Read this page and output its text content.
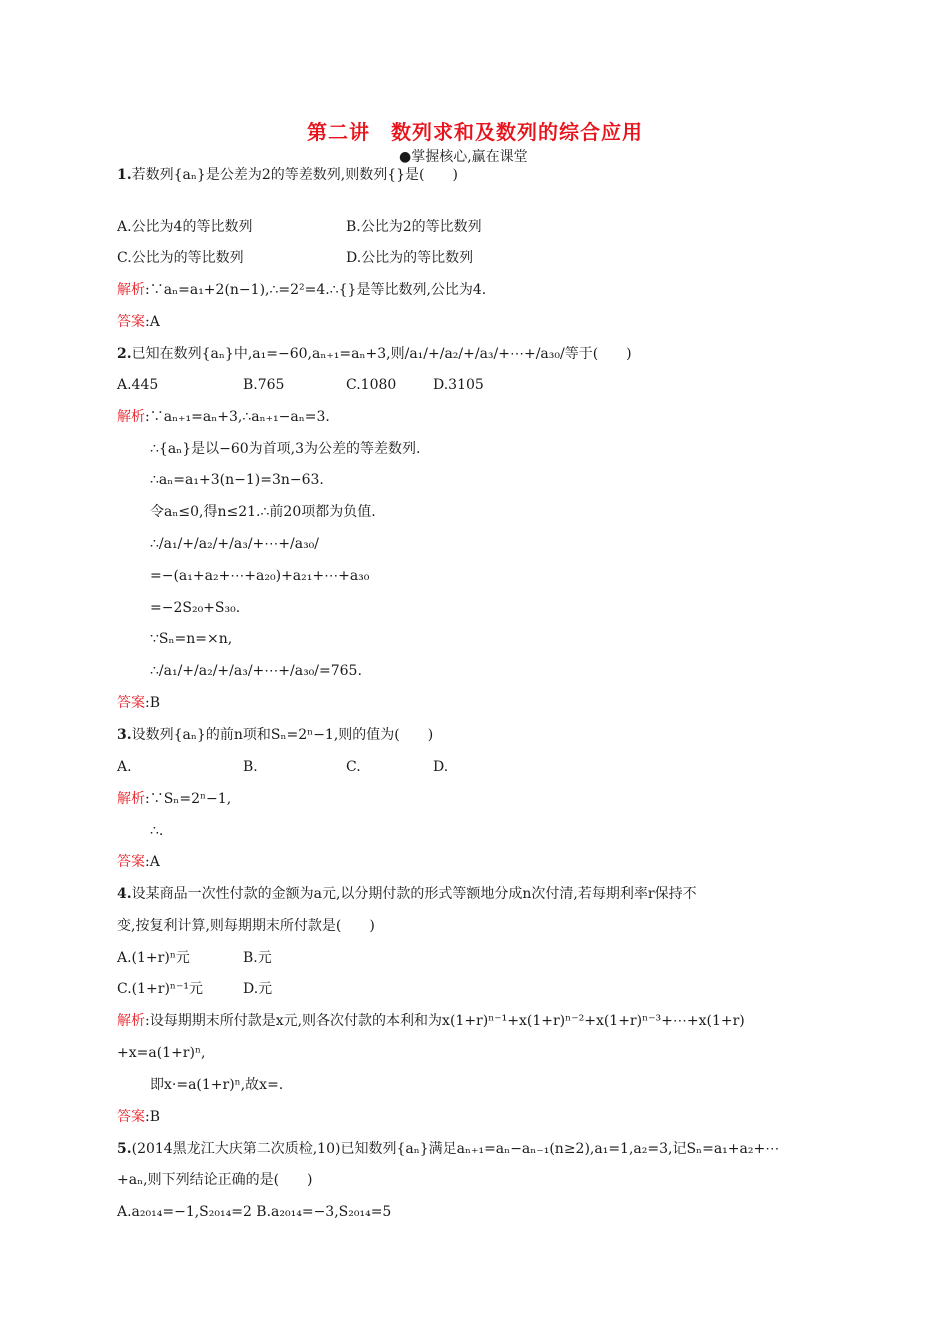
第二讲　数列求和及数列的综合应用
●掌握核心,赢在课堂
1.若数列{aₙ}是公差为2的等差数列,则数列{}是(　　)
A.公比为4的等比数列	B.公比为2的等比数列
C.公比为的等比数列	D.公比为的等比数列
解析:∵aₙ=a₁+2(n−1),∴=2²=4.∴{}是等比数列,公比为4.
答案:A
2.已知在数列{aₙ}中,a₁=−60,aₙ₊₁=aₙ+3,则/a₁/+/a₂/+/a₃/+⋯+/a₃₀/等于(　　)
A.445	B.765	C.1080	D.3105
解析:∵aₙ₊₁=aₙ+3,∴aₙ₊₁−aₙ=3.
∴{aₙ}是以−60为首项,3为公差的等差数列.
∴aₙ=a₁+3(n−1)=3n−63.
令aₙ≤0,得n≤21.∴前20项都为负值.
∴/a₁/+/a₂/+/a₃/+⋯+/a₃₀/
=−(a₁+a₂+⋯+a₂₀)+a₂₁+⋯+a₃₀
=−2S₂₀+S₃₀.
∵Sₙ=n=×n,
∴/a₁/+/a₂/+/a₃/+⋯+/a₃₀/=765.
答案:B
3.设数列{aₙ}的前n项和Sₙ=2ⁿ−1,则的值为(　　)
A.	B.	C.	D.
解析:∵Sₙ=2ⁿ−1,
∴.
答案:A
4.设某商品一次性付款的金额为a元,以分期付款的形式等额地分成n次付清,若每期利率r保持不
变,按复利计算,则每期期末所付款是(　　)
A.(1+r)ⁿ元	B.元
C.(1+r)ⁿ⁻¹元	D.元
解析:设每期期末所付款是x元,则各次付款的本利和为x(1+r)ⁿ⁻¹+x(1+r)ⁿ⁻²+x(1+r)ⁿ⁻³+⋯+x(1+r)
+x=a(1+r)ⁿ,
即x·=a(1+r)ⁿ,故x=.
答案:B
5.(2014黑龙江大庆第二次质检,10)已知数列{aₙ}满足aₙ₊₁=aₙ−aₙ₋₁(n≥2),a₁=1,a₂=3,记Sₙ=a₁+a₂+⋯
+aₙ,则下列结论正确的是(　　)
A.a₂₀₁₄=−1,S₂₀₁₄=2 B.a₂₀₁₄=−3,S₂₀₁₄=5
